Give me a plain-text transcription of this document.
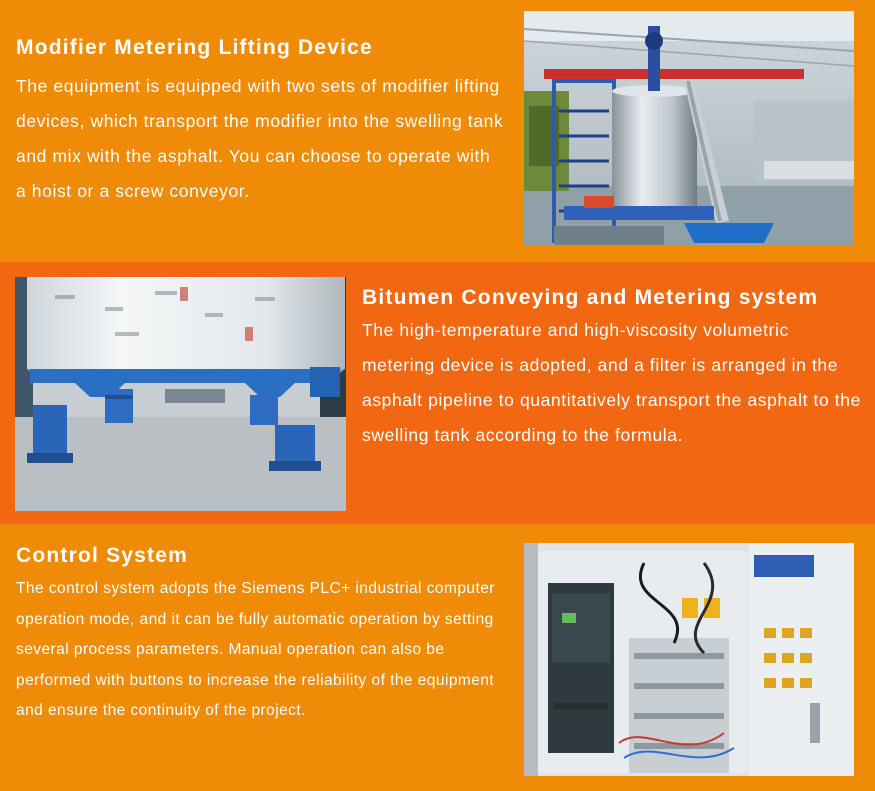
Modifier Metering Lifting Device

The equipment is equipped with two sets of modifier lifting devices, which transport the modifier into the swelling tank and mix with the asphalt. You can choose to operate with a hoist or a screw conveyor.

Bitumen Conveying and Metering system

The high-temperature and high-viscosity volumetric metering device is adopted, and a filter is arranged in the asphalt pipeline to quantitatively transport the asphalt to the swelling tank according to the formula.

Control System

The control system adopts the Siemens PLC+ industrial computer operation mode, and it can be fully automatic operation by setting several process parameters. Manual operation can also be performed with buttons to increase the reliability of the equipment and ensure the continuity of the project.
